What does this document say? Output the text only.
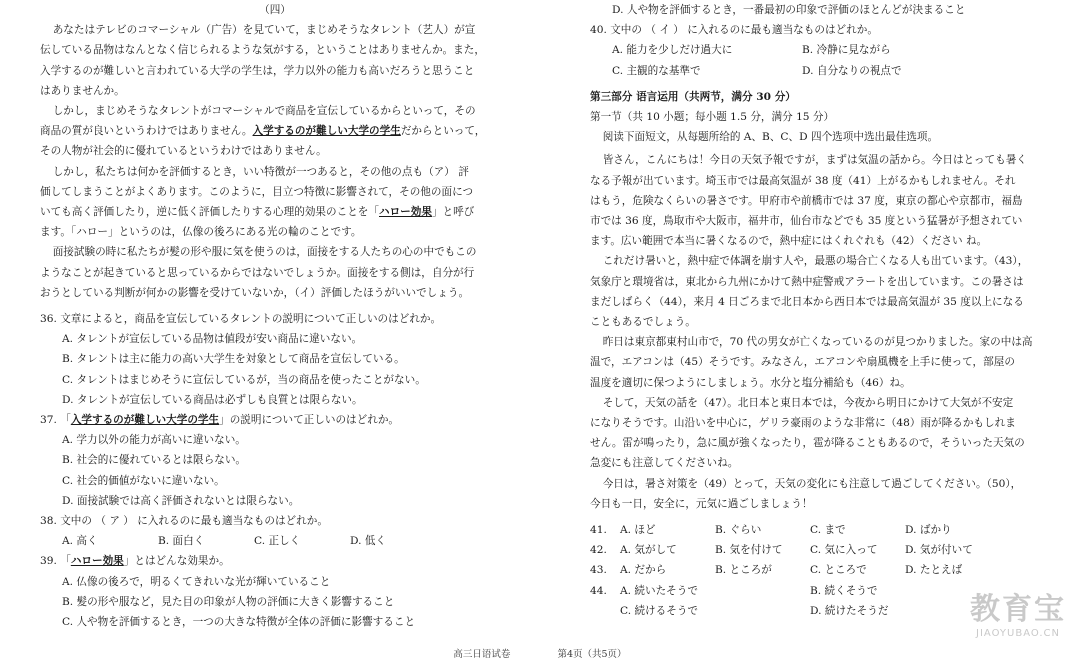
（四）
あなたはテレビのコマーシャル（广告）を見ていて，まじめそうなタレント（艺人）が宣
伝している品物はなんとなく信じられるような気がする，ということはありませんか。また，
入学するのが難しいと言われている大学の学生は，学力以外の能力も高いだろうと思うこと
はありませんか。
しかし，まじめそうなタレントがコマーシャルで商品を宣伝しているからといって，その
商品の質が良いというわけではありません。入学するのが難しい大学の学生だからといって，
その人物が社会的に優れているというわけではありません。
しかし，私たちは何かを評価するとき，いい特徴が一つあると，その他の点も（ア） 評
価してしまうことがよくあります。このように，目立つ特徴に影響されて，その他の面につ
いても高く評価したり，逆に低く評価したりする心理的効果のことを「ハロー効果」と呼び
ます。「ハロー」というのは，仏像の後ろにある光の輪のことです。
面接試験の時に私たちが髪の形や服に気を使うのは，面接をする人たちの心の中でもこの
ようなことが起きていると思っているからではないでしょうか。面接をする側は，自分が行
おうとしている判断が何かの影響を受けていないか，（イ）評価したほうがいいでしょう。
36. 文章によると，商品を宣伝しているタレントの説明について正しいのはどれか。
A. タレントが宣伝している品物は値段が安い商品に違いない。
B. タレントは主に能力の高い大学生を対象として商品を宣伝している。
C. タレントはまじめそうに宣伝しているが，当の商品を使ったことがない。
D. タレントが宣伝している商品は必ずしも良質とは限らない。
37. 「入学するのが難しい大学の学生」の説明について正しいのはどれか。
A. 学力以外の能力が高いに違いない。
B. 社会的に優れているとは限らない。
C. 社会的価値がないに違いない。
D. 面接試験では高く評価されないとは限らない。
38. 文中の （ ア ） に入れるのに最も適当なものはどれか。
A. 高く	B. 面白く	C. 正しく	D. 低く
39. 「ハロー効果」とはどんな効果か。
A. 仏像の後ろで，明るくてきれいな光が輝いていること
B. 髪の形や服など，見た目の印象が人物の評価に大きく影響すること
C. 人や物を評価するとき，一つの大きな特徴が全体の評価に影響すること
D. 人や物を評価するとき，一番最初の印象で評価のほとんどが決まること
40. 文中の （ イ ） に入れるのに最も適当なものはどれか。
A. 能力を少しだけ過大に	B. 冷静に見ながら
C. 主観的な基準で	D. 自分なりの視点で
第三部分 语言运用（共两节，满分 30 分）
第一节（共 10 小题；每小题 1.5 分，满分 15 分）
阅读下面短文，从每题所给的 A、B、C、D 四个选项中选出最佳选项。
皆さん，こんにちは！今日の天気予報ですが，まずは気温の話から。今日はとっても暑く
なる予報が出ています。埼玉市では最高気温が 38 度（41）上がるかもしれません。それ
はもう，危険なくらいの暑さです。甲府市や前橋市では 37 度，東京の都心や京都市，福島
市では 36 度，鳥取市や大阪市，福井市，仙台市などでも 35 度という猛暑が予想されてい
ます。広い範囲で本当に暑くなるので，熱中症にはくれぐれも（42）ください ね。
これだけ暑いと，熱中症で体調を崩す人や，最悪の場合亡くなる人も出ています。（43），
気象庁と環境省は，東北から九州にかけて熱中症警戒アラートを出しています。この暑さは
まだしばらく（44），来月 4 日ごろまで北日本から西日本では最高気温が 35 度以上になる
こともあるでしょう。
昨日は東京都東村山市で，70 代の男女が亡くなっているのが見つかりました。家の中は高
温で，エアコンは（45）そうです。みなさん，エアコンや扇風機を上手に使って，部屋の
温度を適切に保つようにしましょう。水分と塩分補給も（46）ね。
そして，天気の話を（47）。北日本と東日本では，今夜から明日にかけて大気が不安定
になりそうです。山沿いを中心に，ゲリラ豪雨のような非常に（48）雨が降るかもしれま
せん。雷が鳴ったり，急に風が強くなったり，雹が降ることもあるので，そういった天気の
急変にも注意してくださいね。
今日は，暑さ対策を（49）とって，天気の変化にも注意して過ごしてください。（50），
今日も一日，安全に，元気に過ごしましょう！
41.	A. ほど	B. ぐらい	C. まで	D. ばかり
42.	A. 気がして	B. 気を付けて	C. 気に入って	D. 気が付いて
43.	A. だから	B. ところが	C. ところで	D. たとえば
44.	A. 続いたそうで	B. 続くそうで
C. 続けるそうで	D. 続けたそうだ
高三日语试卷	第4页（共5页）
教育宝
JIAOYUBAO.CN
